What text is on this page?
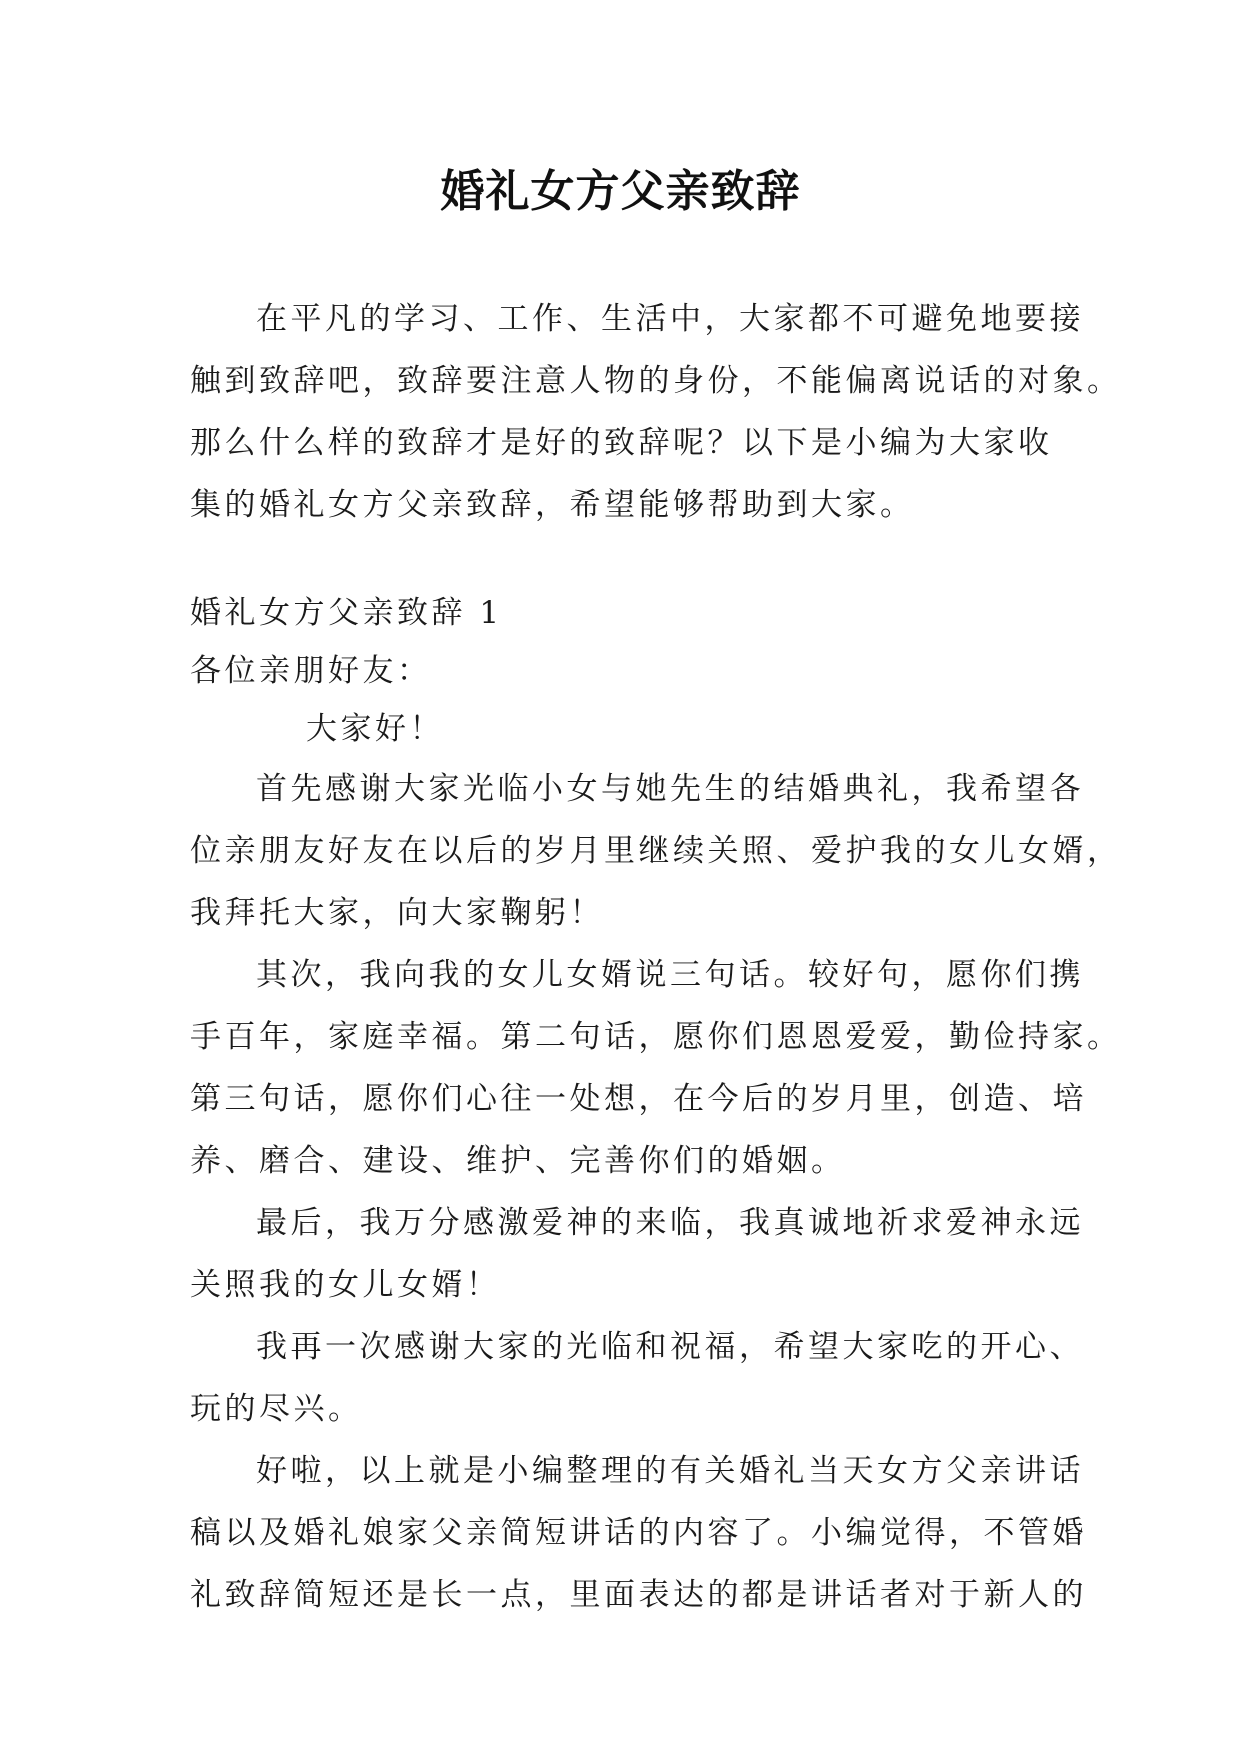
婚礼女方父亲致辞
在平凡的学习、工作、生活中，大家都不可避免地要接
触到致辞吧，致辞要注意人物的身份，不能偏离说话的对象。
那么什么样的致辞才是好的致辞呢？以下是小编为大家收
集的婚礼女方父亲致辞，希望能够帮助到大家。
婚礼女方父亲致辞 1
各位亲朋好友：
大家好！
首先感谢大家光临小女与她先生的结婚典礼，我希望各
位亲朋友好友在以后的岁月里继续关照、爱护我的女儿女婿，
我拜托大家，向大家鞠躬！
其次，我向我的女儿女婿说三句话。较好句，愿你们携
手百年，家庭幸福。第二句话，愿你们恩恩爱爱，勤俭持家。
第三句话，愿你们心往一处想，在今后的岁月里，创造、培
养、磨合、建设、维护、完善你们的婚姻。
最后，我万分感激爱神的来临，我真诚地祈求爱神永远
关照我的女儿女婿！
我再一次感谢大家的光临和祝福，希望大家吃的开心、
玩的尽兴。
好啦，以上就是小编整理的有关婚礼当天女方父亲讲话
稿以及婚礼娘家父亲简短讲话的内容了。小编觉得，不管婚
礼致辞简短还是长一点，里面表达的都是讲话者对于新人的
